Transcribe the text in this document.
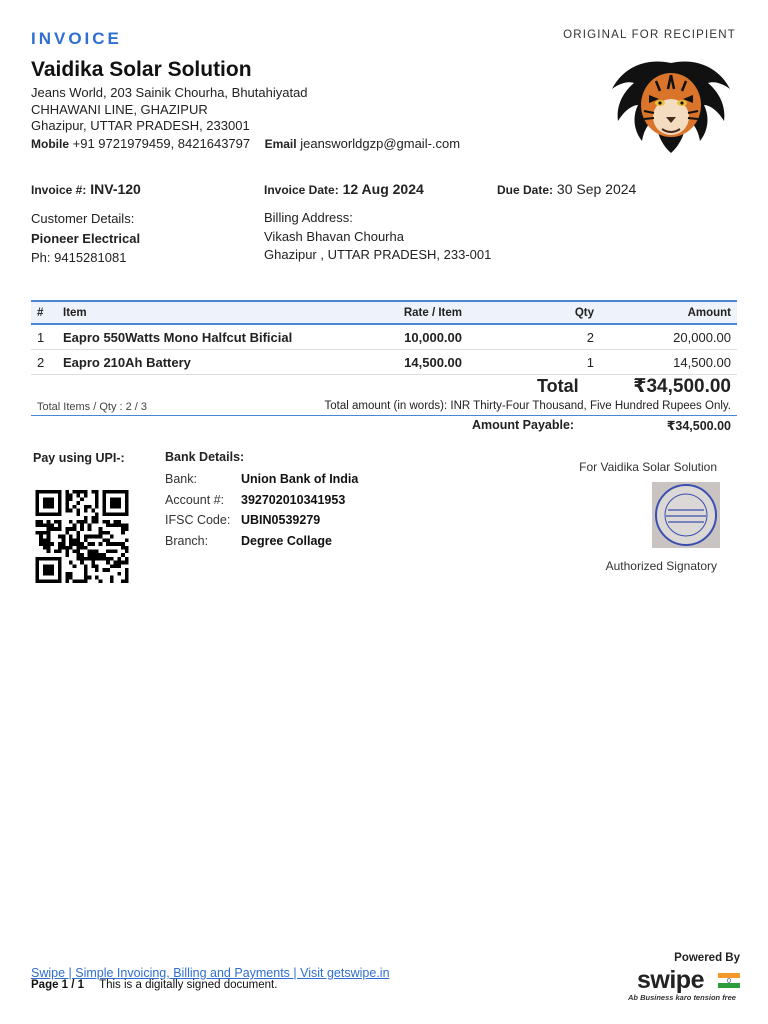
INVOICE	ORIGINAL FOR RECIPIENT
Vaidika Solar Solution
Jeans World, 203 Sainik Chourha, Bhutahiyatad
CHHAWANI LINE, GHAZIPUR
Ghazipur, UTTAR PRADESH, 233001
Mobile +91 9721979459, 8421643797 Email jeansworldgzp@gmail-.com
Invoice #: INV-120	Invoice Date: 12 Aug 2024	Due Date: 30 Sep 2024
Customer Details:
Pioneer Electrical
Ph: 9415281081
Billing Address:
Vikash Bhavan Chourha
Ghazipur , UTTAR PRADESH, 233-001
#	Item	Rate / Item	Qty	Amount
1	Eapro 550Watts Mono Halfcut Bificial	10,000.00	2	20,000.00
2	Eapro 210Ah Battery	14,500.00	1	14,500.00
Total	₹34,500.00
Total Items / Qty : 2 / 3	Total amount (in words): INR Thirty-Four Thousand, Five Hundred Rupees Only.
Amount Payable:	₹34,500.00
Pay using UPI-:	Bank Details:
Bank:	Union Bank of India
Account #: 392702010341953
IFSC Code: UBIN0539279
Branch:	Degree Collage
For Vaidika Solar Solution
Authorized Signatory
Swipe | Simple Invoicing, Billing and Payments | Visit getswipe.in
Page 1 / 1 This is a digitally signed document.
Powered By
swipe
Ab Business karo tension free
